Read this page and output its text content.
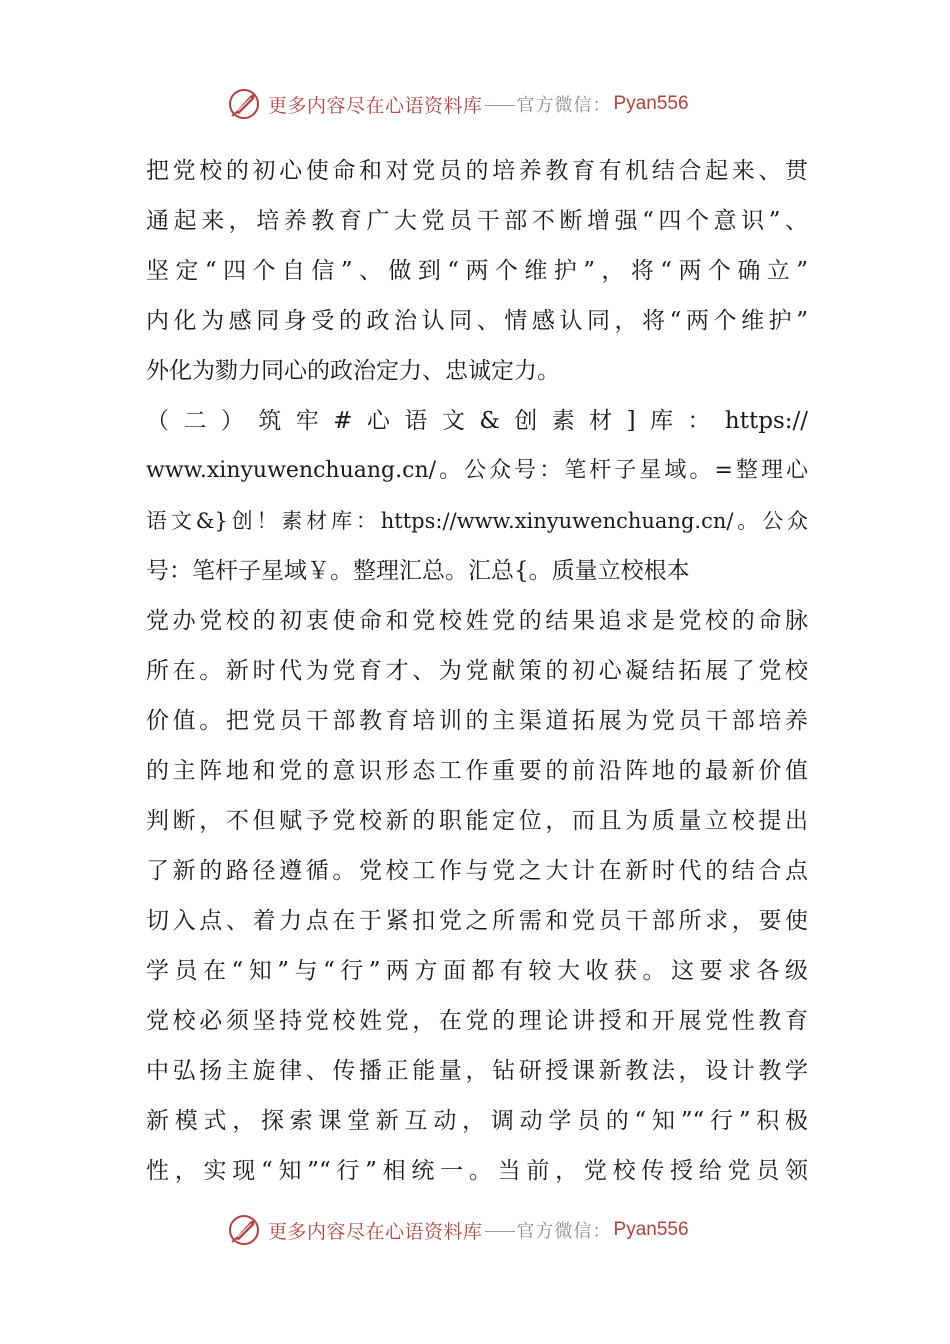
更多内容尽在心语资料库 官方微信： Pyan556
把党校的初心使命和对党员的培养教育有机结合起来、贯
通起来，培养教育广大党员干部不断增强“四个意识”、
坚定“四个自信”、做到“两个维护”，将“两个确立”
内化为感同身受的政治认同、情感认同，将“两个维护”
外化为勠力同心的政治定力、忠诚定力。
（二）筑牢#心语文&创素材]库：https://
www.xinyuwenchuang.cn/。公众号：笔杆子星域。=整理心
语文&}创！素材库：https://www.xinyuwenchuang.cn/。公众
号：笔杆子星域￥。整理汇总。汇总{。质量立校根本
党办党校的初衷使命和党校姓党的结果追求是党校的命脉
所在。新时代为党育才、为党献策的初心凝结拓展了党校
价值。把党员干部教育培训的主渠道拓展为党员干部培养
的主阵地和党的意识形态工作重要的前沿阵地的最新价值
判断，不但赋予党校新的职能定位，而且为质量立校提出
了新的路径遵循。党校工作与党之大计在新时代的结合点
切入点、着力点在于紧扣党之所需和党员干部所求，要使
学员在“知”与“行”两方面都有较大收获。这要求各级
党校必须坚持党校姓党，在党的理论讲授和开展党性教育
中弘扬主旋律、传播正能量，钻研授课新教法，设计教学
新模式，探索课堂新互动，调动学员的“知”“行”积极
性，实现“知”“行”相统一。当前，党校传授给党员领
更多内容尽在心语资料库 官方微信： Pyan556
